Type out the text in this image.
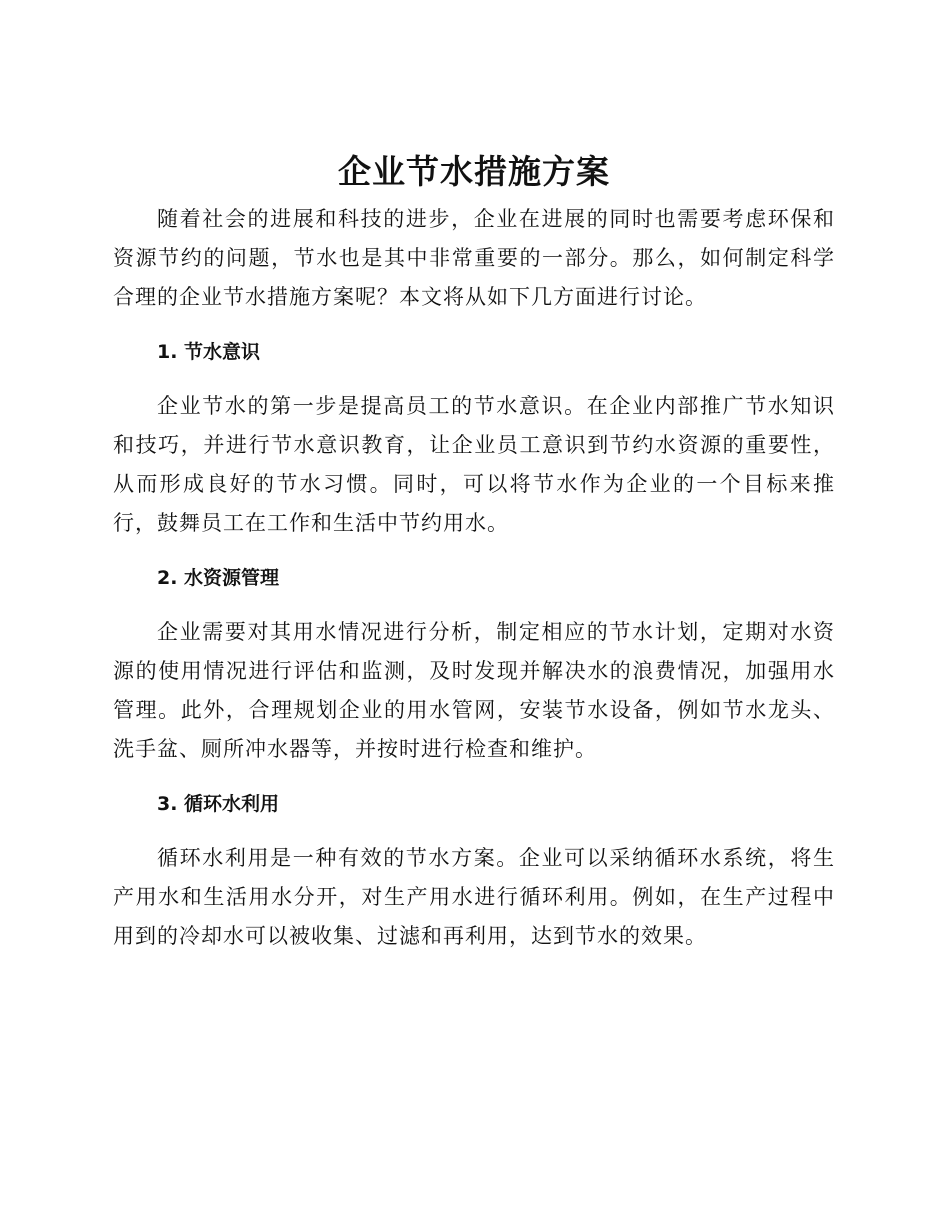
企业节水措施方案

随着社会的进展和科技的进步，企业在进展的同时也需要考虑环保和资源节约的问题，节水也是其中非常重要的一部分。那么，如何制定科学合理的企业节水措施方案呢？本文将从如下几方面进行讨论。

1. 节水意识

企业节水的第一步是提高员工的节水意识。在企业内部推广节水知识和技巧，并进行节水意识教育，让企业员工意识到节约水资源的重要性，从而形成良好的节水习惯。同时，可以将节水作为企业的一个目标来推行，鼓舞员工在工作和生活中节约用水。

2. 水资源管理

企业需要对其用水情况进行分析，制定相应的节水计划，定期对水资源的使用情况进行评估和监测，及时发现并解决水的浪费情况，加强用水管理。此外，合理规划企业的用水管网，安装节水设备，例如节水龙头、洗手盆、厕所冲水器等，并按时进行检查和维护。

3. 循环水利用

循环水利用是一种有效的节水方案。企业可以采纳循环水系统，将生产用水和生活用水分开，对生产用水进行循环利用。例如，在生产过程中用到的冷却水可以被收集、过滤和再利用，达到节水的效果。
